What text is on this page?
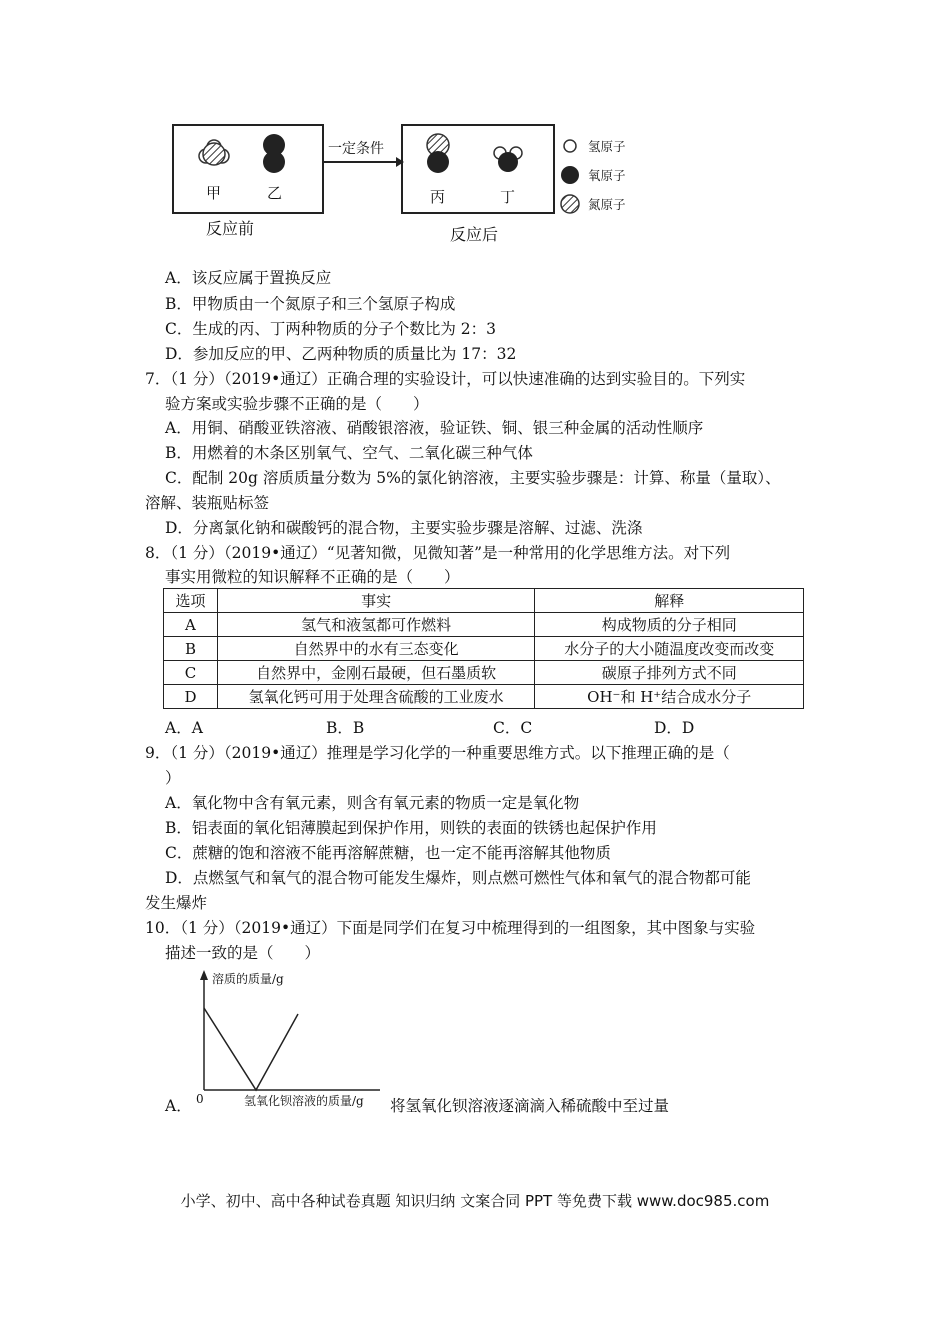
一定条件
甲	乙	丙	丁
反应前	反应后
氢原子
氧原子
氮原子
A．该反应属于置换反应
B．甲物质由一个氮原子和三个氢原子构成
C．生成的丙、丁两种物质的分子个数比为 2：3
D．参加反应的甲、乙两种物质的质量比为 17：32
7．（1 分）（2019•通辽）正确合理的实验设计，可以快速准确的达到实验目的。下列实
验方案或实验步骤不正确的是（　　）
A．用铜、硝酸亚铁溶液、硝酸银溶液，验证铁、铜、银三种金属的活动性顺序
B．用燃着的木条区别氧气、空气、二氧化碳三种气体
C．配制 20g 溶质质量分数为 5%的氯化钠溶液，主要实验步骤是：计算、称量（量取）、
溶解、装瓶贴标签
D．分离氯化钠和碳酸钙的混合物，主要实验步骤是溶解、过滤、洗涤
8．（1 分）（2019•通辽）“见著知微，见微知著”是一种常用的化学思维方法。对下列
事实用微粒的知识解释不正确的是（　　）
选项	事实	解释
A	氢气和液氢都可作燃料	构成物质的分子相同
B	自然界中的水有三态变化	水分子的大小随温度改变而改变
C	自然界中，金刚石最硬，但石墨质软	碳原子排列方式不同
D	氢氧化钙可用于处理含硫酸的工业废水	OH⁻和 H⁺结合成水分子
A．A	B．B	C．C	D．D
9．（1 分）（2019•通辽）推理是学习化学的一种重要思维方式。以下推理正确的是（
）
A．氧化物中含有氧元素，则含有氧元素的物质一定是氧化物
B．铝表面的氧化铝薄膜起到保护作用，则铁的表面的铁锈也起保护作用
C．蔗糖的饱和溶液不能再溶解蔗糖，也一定不能再溶解其他物质
D．点燃氢气和氧气的混合物可能发生爆炸，则点燃可燃性气体和氧气的混合物都可能
发生爆炸
10．（1 分）（2019•通辽）下面是同学们在复习中梳理得到的一组图象，其中图象与实验
描述一致的是（　　）
溶质的质量/g
0	氢氧化钡溶液的质量/g
A．	将氢氧化钡溶液逐滴滴入稀硫酸中至过量
小学、初中、高中各种试卷真题 知识归纳 文案合同 PPT 等免费下载 www.doc985.com
